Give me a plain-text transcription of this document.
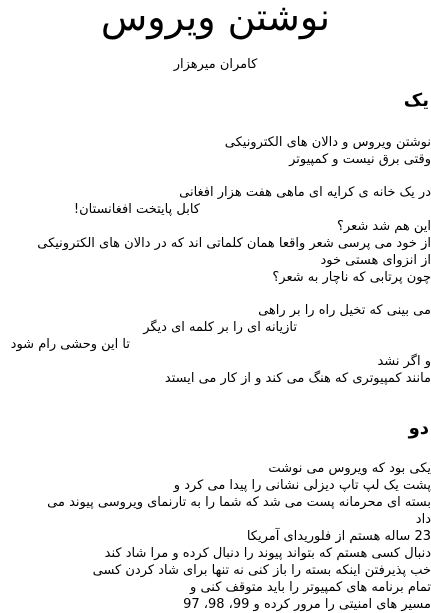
نوشتن ویروس
کامران میرهزار
یک
نوشتن ویروس و دالان های الکترونیکی
وقتی برق نیست و کمپیوتر
در یک خانه ی کرایه ای ماهی هفت هزار افغانی
کابل پایتخت افغانستان!
این هم شد شعر؟
از خود می پرسی شعر واقعا همان کلماتی اند که در دالان های الکترونیکی
از انزوای هستی خود
چون پرتابی که ناچار به شعر؟
می بینی که تخیل راه را بر راهی
تازیانه ای را بر کلمه ای دیگر
تا این وحشی رام شود
و اگر نشد
مانند کمپیوتری که هنگ می کند و از کار می ایستد
دو
یکی بود که ویروس می نوشت
پشت یک لپ تاپ دیزلی نشانی را پیدا می کرد و
بسته ای محرمانه پست می شد که شما را به تارنمای ویروسی پیوند می
داد
23 ساله هستم از فلوریدای آمریکا
دنبال کسی هستم که بتواند پیوند را دنبال کرده و مرا شاد کند
خب پذیرفتن اینکه بسته را باز کنی نه تنها برای شاد کردن کسی
تمام برنامه های کمپیوتر را باید متوقف کنی و
مسیر های امنیتی را مرور کرده و 99، 98، 97
